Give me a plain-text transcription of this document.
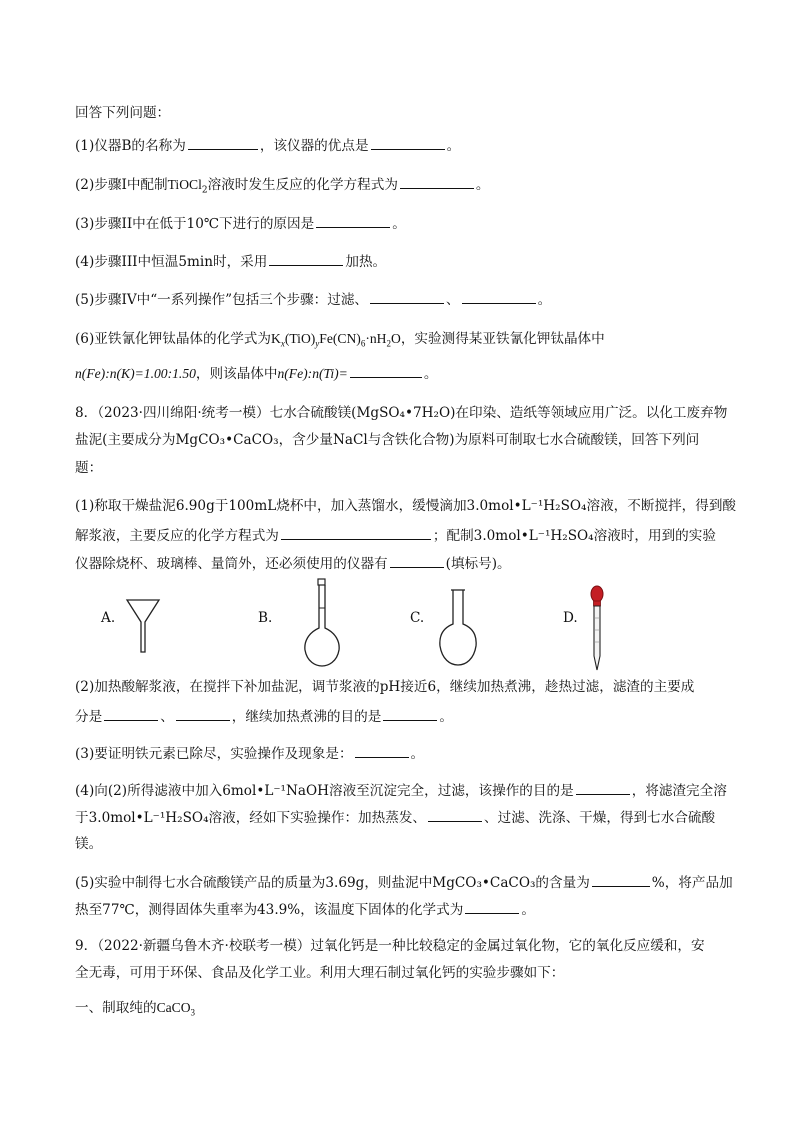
回答下列问题：
(1)仪器B的名称为	，该仪器的优点是	。
(2)步骤I中配制TiOCl$_2$溶液时发生反应的化学方程式为	。
(3)步骤II中在低于10℃下进行的原因是	。
(4)步骤III中恒温5min时，采用	加热。
(5)步骤IV中“一系列操作”包括三个步骤：过滤、	、	。
(6)亚铁氰化钾钛晶体的化学式为$K_x(TiO)_yFe(CN)_6\cdot nH_2O$，实验测得某亚铁氰化钾钛晶体中
n(Fe):n(K)=1.00:1.50，则该晶体中n(Fe):n(Ti)=	。
8．（2023·四川绵阳·统考一模）七水合硫酸镁(MgSO₄•7H₂O)在印染、造纸等领域应用广泛。以化工废弃物
盐泥(主要成分为MgCO₃•CaCO₃，含少量NaCl与含铁化合物)为原料可制取七水合硫酸镁，回答下列问
题：
(1)称取干燥盐泥6.90g于100mL烧杯中，加入蒸馏水，缓慢滴加3.0mol•L⁻¹H₂SO₄溶液，不断搅拌，得到酸
解浆液，主要反应的化学方程式为	；配制3.0mol•L⁻¹H₂SO₄溶液时，用到的实验
仪器除烧杯、玻璃棒、量筒外，还必须使用的仪器有	(填标号)。
A.	B.	C.	D.
(2)加热酸解浆液，在搅拌下补加盐泥，调节浆液的pH接近6，继续加热煮沸，趁热过滤，滤渣的主要成
分是	、	，继续加热煮沸的目的是	。
(3)要证明铁元素已除尽，实验操作及现象是：	。
(4)向(2)所得滤液中加入6mol•L⁻¹NaOH溶液至沉淀完全，过滤，该操作的目的是	，将滤渣完全溶
于3.0mol•L⁻¹H₂SO₄溶液，经如下实验操作：加热蒸发、	、过滤、洗涤、干燥，得到七水合硫酸
镁。
(5)实验中制得七水合硫酸镁产品的质量为3.69g，则盐泥中MgCO₃•CaCO₃的含量为	%，将产品加
热至77℃，测得固体失重率为43.9%，该温度下固体的化学式为	。
9．（2022·新疆乌鲁木齐·校联考一模）过氧化钙是一种比较稳定的金属过氧化物，它的氧化反应缓和，安
全无毒，可用于环保、食品及化学工业。利用大理石制过氧化钙的实验步骤如下：
一、制取纯的CaCO$_3$
